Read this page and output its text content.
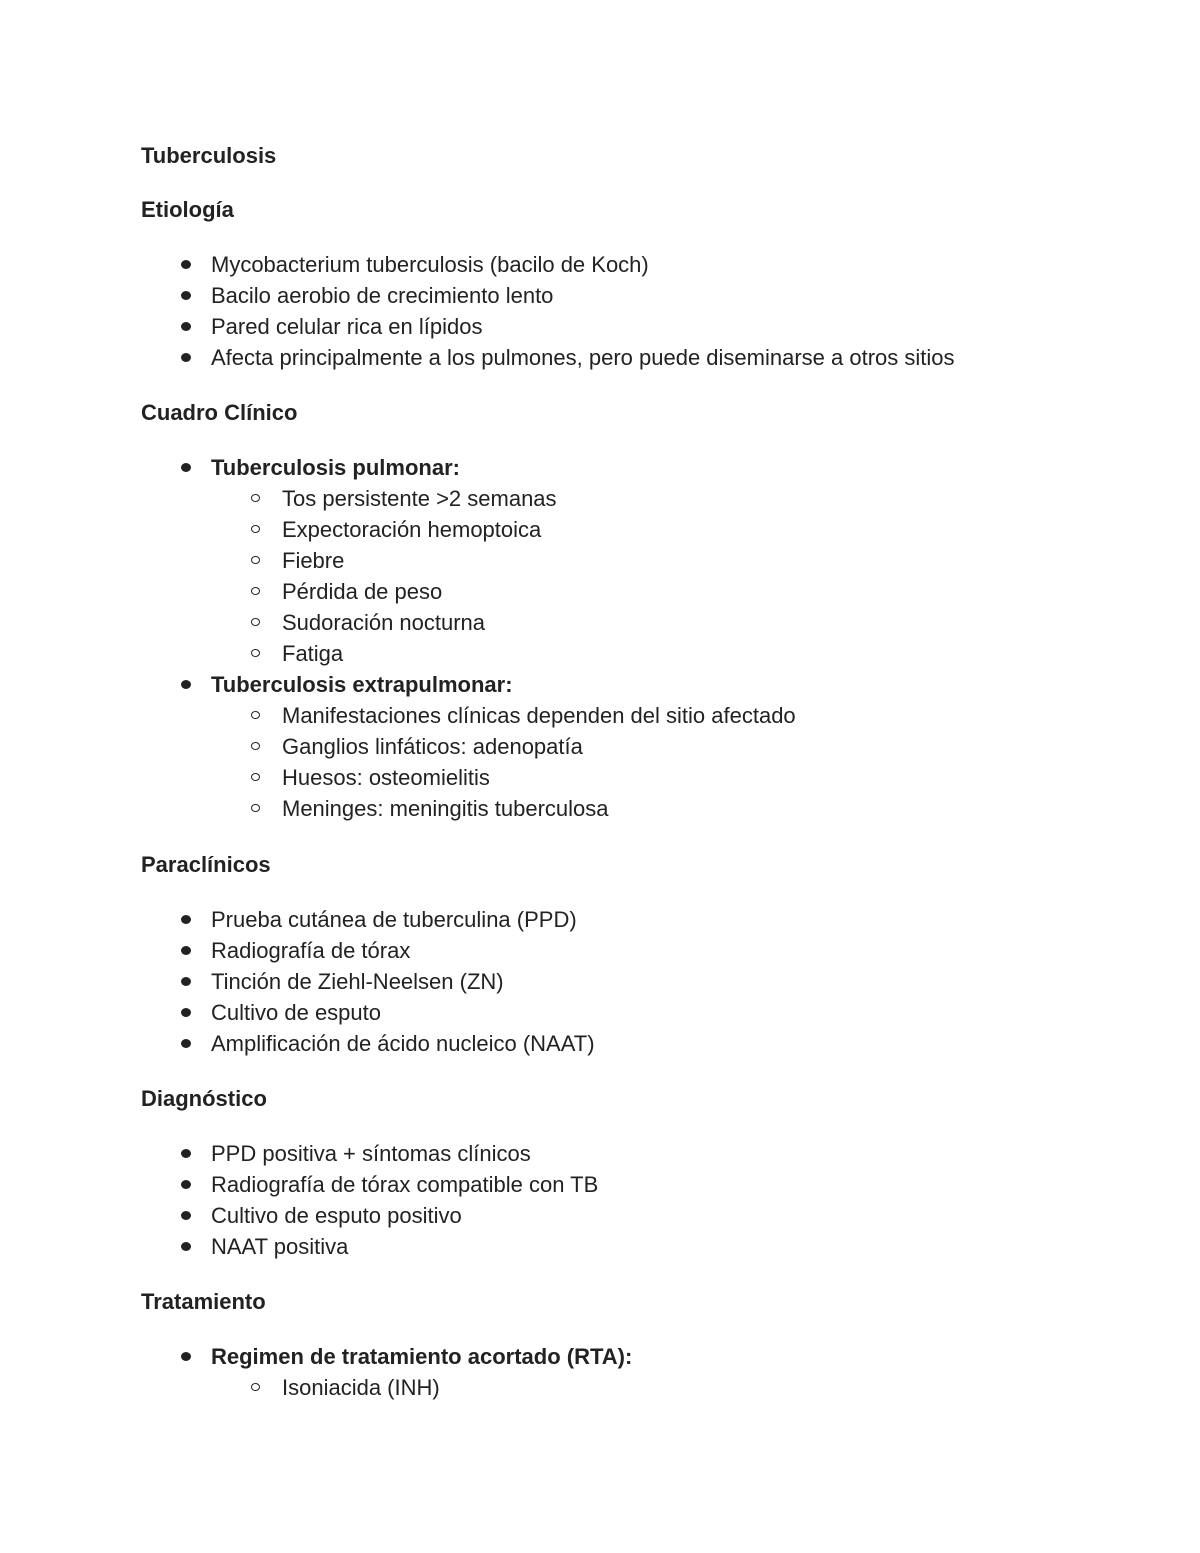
Tuberculosis
Etiología
Mycobacterium tuberculosis (bacilo de Koch)
Bacilo aerobio de crecimiento lento
Pared celular rica en lípidos
Afecta principalmente a los pulmones, pero puede diseminarse a otros sitios
Cuadro Clínico
Tuberculosis pulmonar:
Tos persistente >2 semanas
Expectoración hemoptoica
Fiebre
Pérdida de peso
Sudoración nocturna
Fatiga
Tuberculosis extrapulmonar:
Manifestaciones clínicas dependen del sitio afectado
Ganglios linfáticos: adenopatía
Huesos: osteomielitis
Meninges: meningitis tuberculosa
Paraclínicos
Prueba cutánea de tuberculina (PPD)
Radiografía de tórax
Tinción de Ziehl-Neelsen (ZN)
Cultivo de esputo
Amplificación de ácido nucleico (NAAT)
Diagnóstico
PPD positiva + síntomas clínicos
Radiografía de tórax compatible con TB
Cultivo de esputo positivo
NAAT positiva
Tratamiento
Regimen de tratamiento acortado (RTA):
Isoniacida (INH)
